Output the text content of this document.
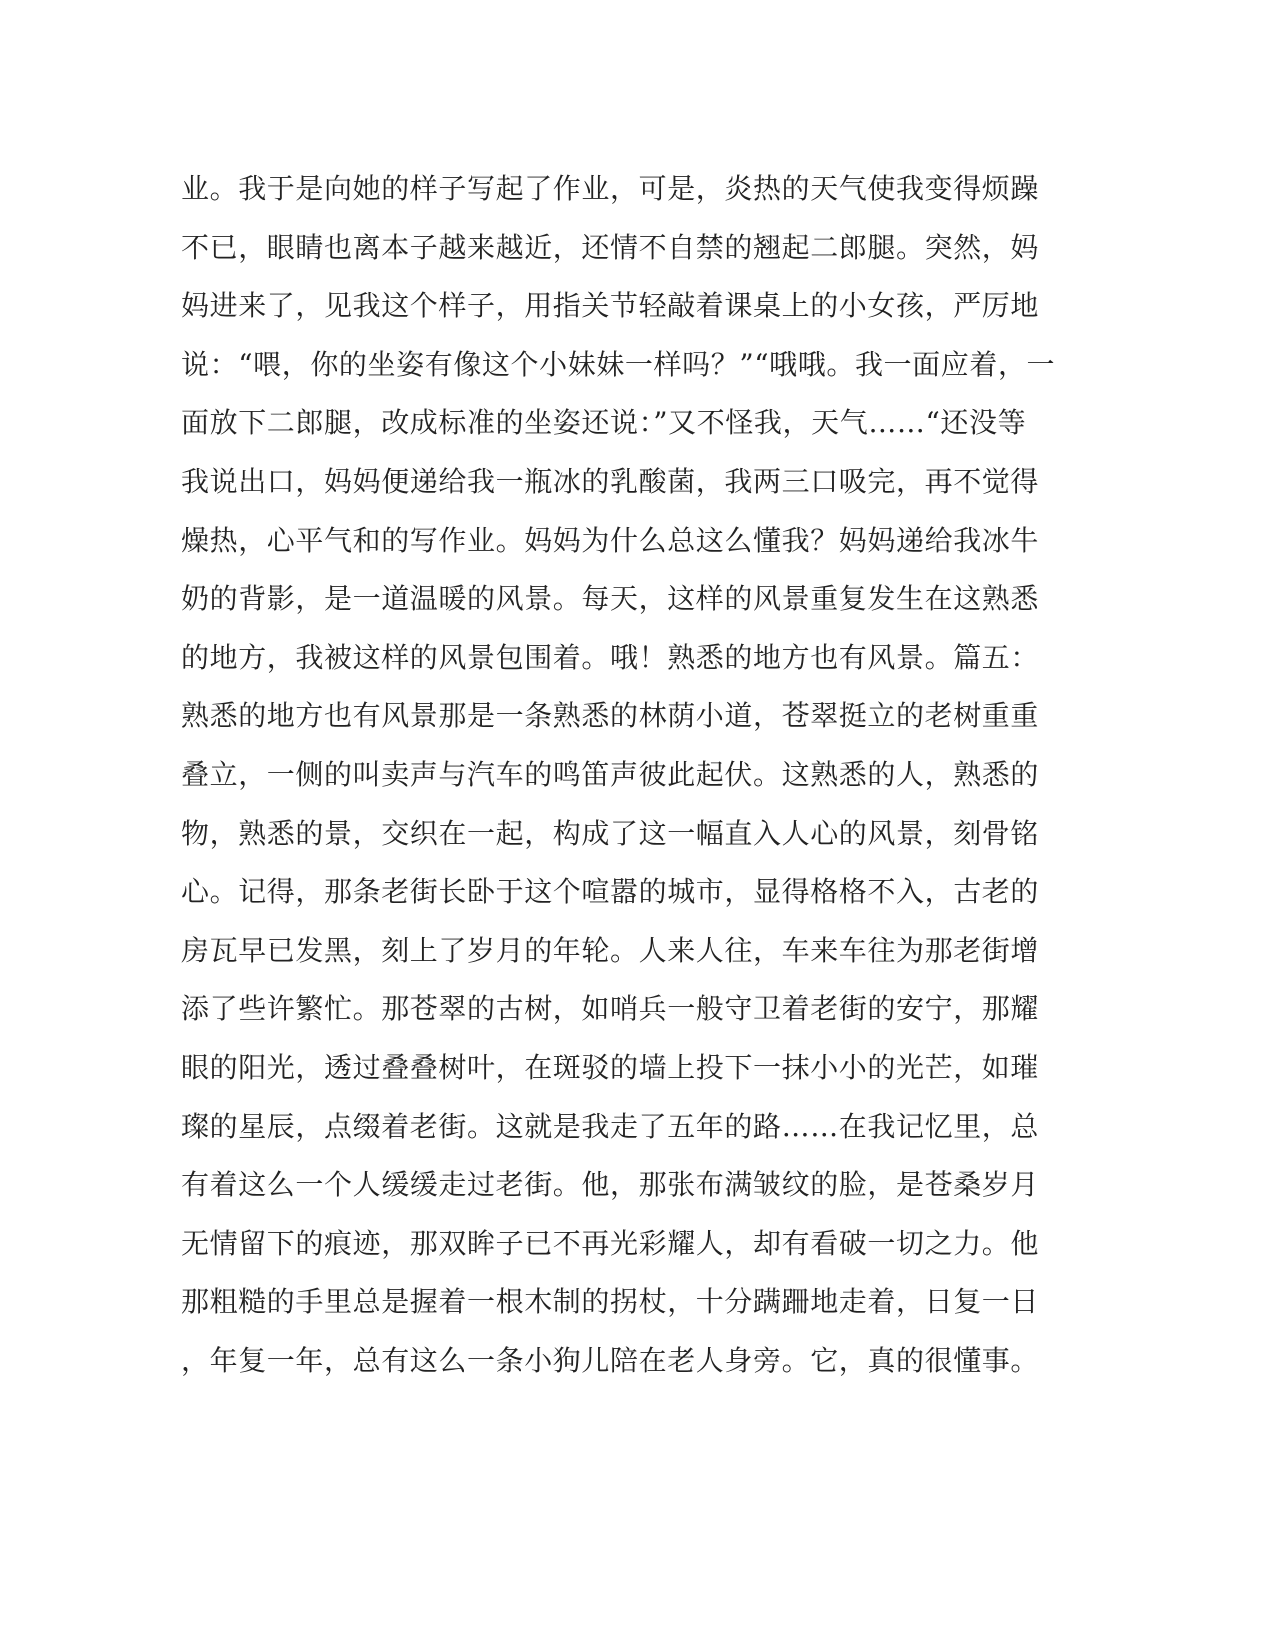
业。我于是向她的样子写起了作业，可是，炎热的天气使我变得烦躁
不已，眼睛也离本子越来越近，还情不自禁的翘起二郎腿。突然，妈
妈进来了，见我这个样子，用指关节轻敲着课桌上的小女孩，严厉地
说：“喂，你的坐姿有像这个小妹妹一样吗？”“哦哦。我一面应着，一
面放下二郎腿，改成标准的坐姿还说：”又不怪我，天气……“还没等
我说出口，妈妈便递给我一瓶冰的乳酸菌，我两三口吸完，再不觉得
燥热，心平气和的写作业。妈妈为什么总这么懂我？妈妈递给我冰牛
奶的背影，是一道温暖的风景。每天，这样的风景重复发生在这熟悉
的地方，我被这样的风景包围着。哦！熟悉的地方也有风景。篇五：
熟悉的地方也有风景那是一条熟悉的林荫小道，苍翠挺立的老树重重
叠立，一侧的叫卖声与汽车的鸣笛声彼此起伏。这熟悉的人，熟悉的
物，熟悉的景，交织在一起，构成了这一幅直入人心的风景，刻骨铭
心。记得，那条老街长卧于这个喧嚣的城市，显得格格不入，古老的
房瓦早已发黑，刻上了岁月的年轮。人来人往，车来车往为那老街增
添了些许繁忙。那苍翠的古树，如哨兵一般守卫着老街的安宁，那耀
眼的阳光，透过叠叠树叶，在斑驳的墙上投下一抹小小的光芒，如璀
璨的星辰，点缀着老街。这就是我走了五年的路……在我记忆里，总
有着这么一个人缓缓走过老街。他，那张布满皱纹的脸，是苍桑岁月
无情留下的痕迹，那双眸子已不再光彩耀人，却有看破一切之力。他
那粗糙的手里总是握着一根木制的拐杖，十分蹒跚地走着，日复一日
，年复一年，总有这么一条小狗儿陪在老人身旁。它，真的很懂事。
